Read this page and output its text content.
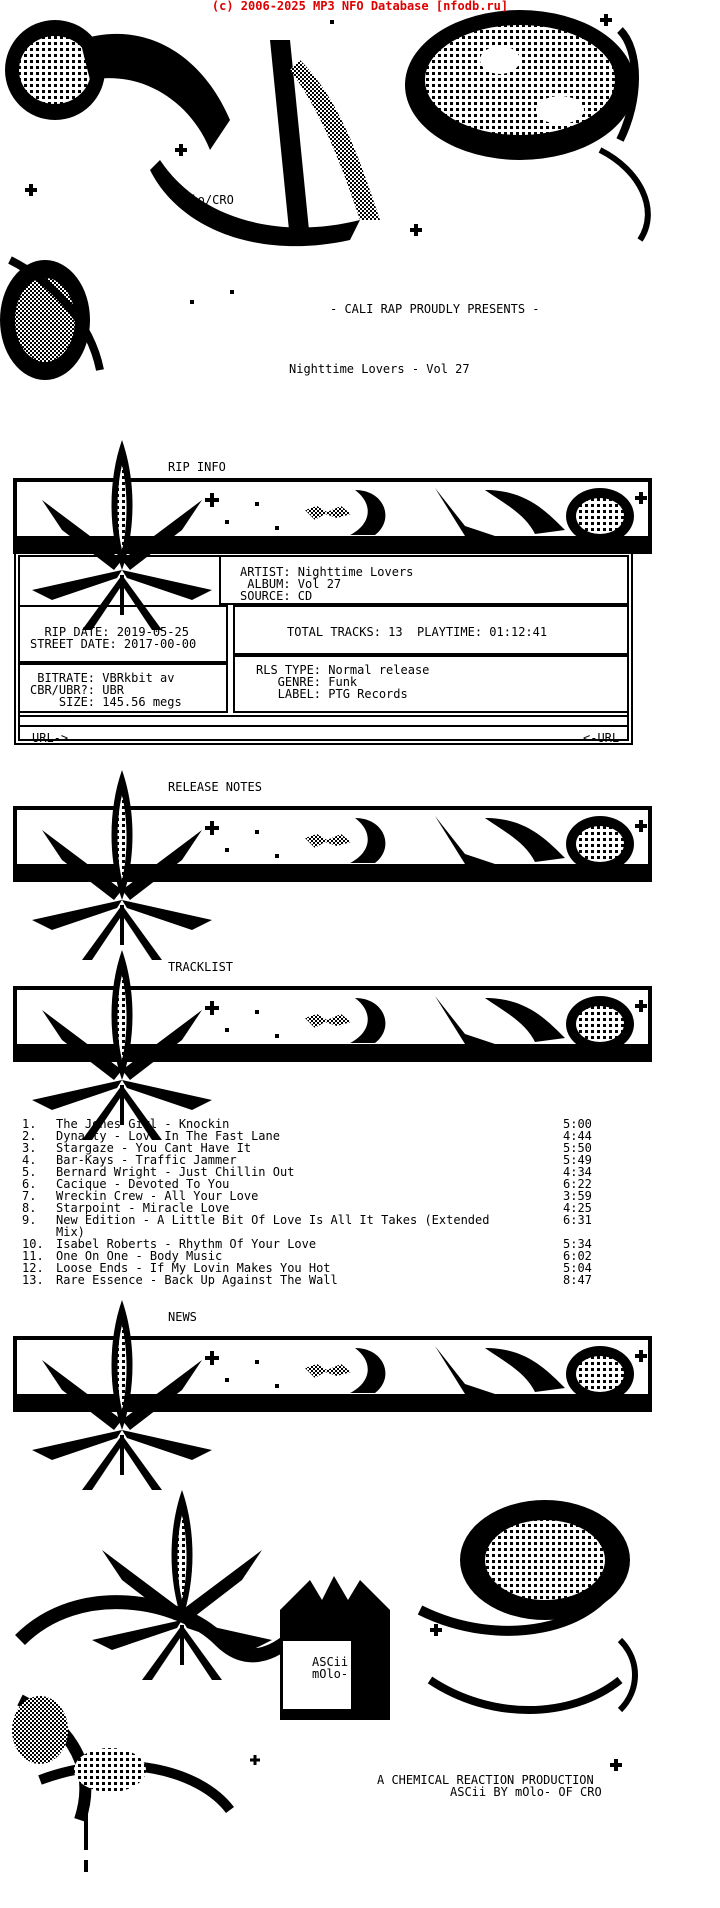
(c) 2006-2025 MP3 NFO Database [nfodb.ru]
mOlo/CRO
- CALI RAP PROUDLY PRESENTS -
Nighttime Lovers - Vol 27
RIP INFO
ARTIST: Nighttime Lovers
ALBUM: Vol 27
SOURCE: CD
RIP DATE: 2019-05-25
STREET DATE: 2017-00-00
TOTAL TRACKS: 13  PLAYTIME: 01:12:41
BITRATE: VBRkbit av
CBR/UBR?: UBR
SIZE: 145.56 megs
RLS TYPE: Normal release
GENRE: Funk
LABEL: PTG Records
URL->	<-URL
RELEASE NOTES
TRACKLIST
1. The Jones Girl - Knockin	5:00
2. Dynasty - Love In The Fast Lane	4:44
3. Stargaze - You Cant Have It	5:50
4. Bar-Kays - Traffic Jammer	5:49
5. Bernard Wright - Just Chillin Out	4:34
6. Cacique - Devoted To You	6:22
7. Wreckin Crew - All Your Love	3:59
8. Starpoint - Miracle Love	4:25
9. New Edition - A Little Bit Of Love Is All It Takes (Extended	6:31
Mix)
10. Isabel Roberts - Rhythm Of Your Love	5:34
11. One On One - Body Music	6:02
12. Loose Ends - If My Lovin Makes You Hot	5:04
13. Rare Essence - Back Up Against The Wall	8:47
NEWS
ASCii
mOlo-
A CHEMICAL REACTION PRODUCTION
ASCii BY mOlo- OF CRO
